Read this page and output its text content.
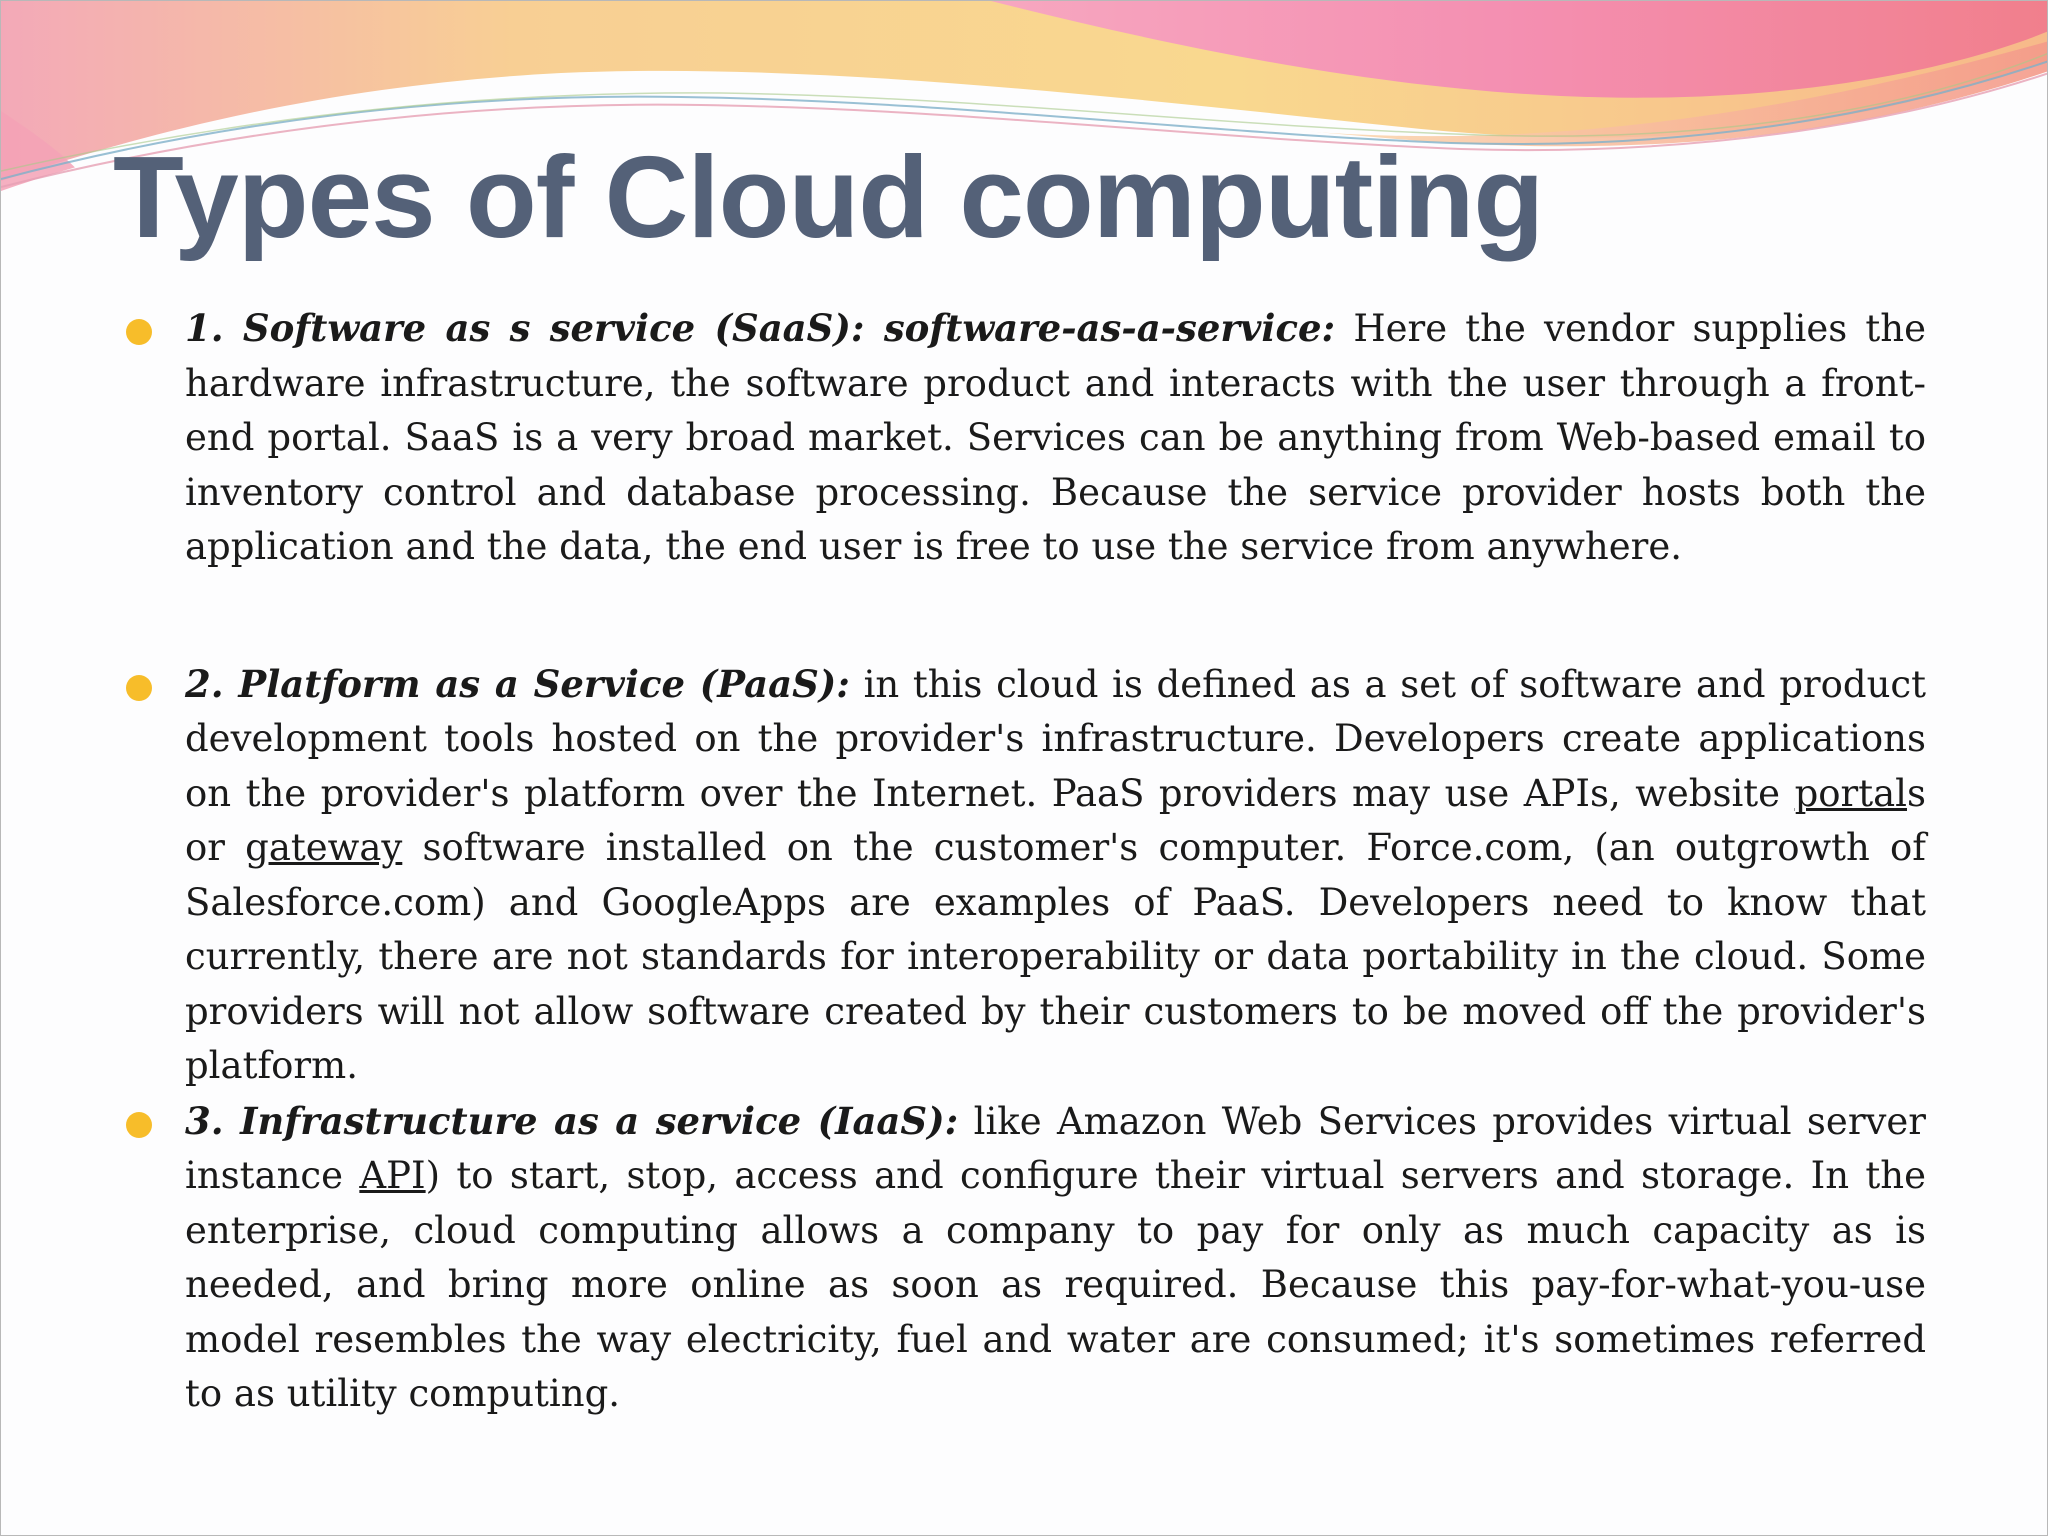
Types of Cloud computing

1. Software as s service (SaaS): software-as-a-service: Here the vendor supplies the hardware infrastructure, the software product and interacts with the user through a front-end portal. SaaS is a very broad market. Services can be anything from Web-based email to inventory control and database processing. Because the service provider hosts both the application and the data, the end user is free to use the service from anywhere.

2. Platform as a Service (PaaS): in this cloud is defined as a set of software and product development tools hosted on the provider's infrastructure. Developers create applications on the provider's platform over the Internet. PaaS providers may use APIs, website portals or gateway software installed on the customer's computer. Force.com, (an outgrowth of Salesforce.com) and GoogleApps are examples of PaaS. Developers need to know that currently, there are not standards for interoperability or data portability in the cloud. Some providers will not allow software created by their customers to be moved off the provider's platform.

3. Infrastructure as a service (IaaS): like Amazon Web Services provides virtual server instance API) to start, stop, access and configure their virtual servers and storage. In the enterprise, cloud computing allows a company to pay for only as much capacity as is needed, and bring more online as soon as required. Because this pay-for-what-you-use model resembles the way electricity, fuel and water are consumed; it's sometimes referred to as utility computing.
